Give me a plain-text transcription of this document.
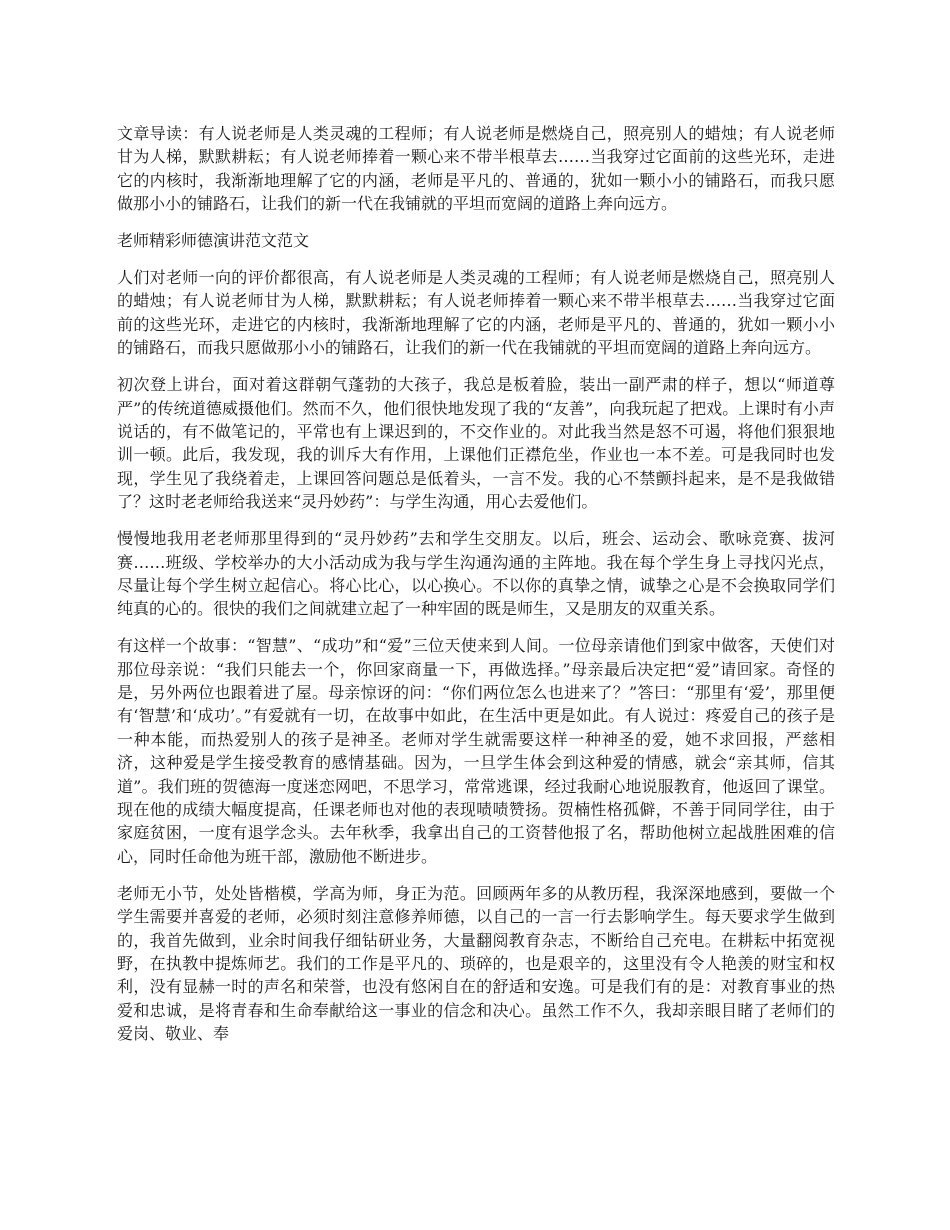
文章导读：有人说老师是人类灵魂的工程师；有人说老师是燃烧自己，照亮别人的蜡烛；有人说老师甘为人梯，默默耕耘；有人说老师捧着一颗心来不带半根草去……当我穿过它面前的这些光环，走进它的内核时，我渐渐地理解了它的内涵，老师是平凡的、普通的，犹如一颗小小的铺路石，而我只愿做那小小的铺路石，让我们的新一代在我铺就的平坦而宽阔的道路上奔向远方。

老师精彩师德演讲范文范文

人们对老师一向的评价都很高，有人说老师是人类灵魂的工程师；有人说老师是燃烧自己，照亮别人的蜡烛；有人说老师甘为人梯，默默耕耘；有人说老师捧着一颗心来不带半根草去……当我穿过它面前的这些光环，走进它的内核时，我渐渐地理解了它的内涵，老师是平凡的、普通的，犹如一颗小小的铺路石，而我只愿做那小小的铺路石，让我们的新一代在我铺就的平坦而宽阔的道路上奔向远方。

初次登上讲台，面对着这群朝气蓬勃的大孩子，我总是板着脸，装出一副严肃的样子，想以“师道尊严”的传统道德威摄他们。然而不久，他们很快地发现了我的“友善”，向我玩起了把戏。上课时有小声说话的，有不做笔记的，平常也有上课迟到的，不交作业的。对此我当然是怒不可遏，将他们狠狠地训一顿。此后，我发现，我的训斥大有作用，上课他们正襟危坐，作业也一本不差。可是我同时也发现，学生见了我绕着走，上课回答问题总是低着头，一言不发。我的心不禁颤抖起来，是不是我做错了？这时老老师给我送来“灵丹妙药”：与学生沟通，用心去爱他们。

慢慢地我用老老师那里得到的“灵丹妙药”去和学生交朋友。以后，班会、运动会、歌咏竞赛、拔河赛……班级、学校举办的大小活动成为我与学生沟通沟通的主阵地。我在每个学生身上寻找闪光点，尽量让每个学生树立起信心。将心比心，以心换心。不以你的真挚之情，诚挚之心是不会换取同学们纯真的心的。很快的我们之间就建立起了一种牢固的既是师生，又是朋友的双重关系。

有这样一个故事：“智慧”、“成功”和“爱”三位天使来到人间。一位母亲请他们到家中做客，天使们对那位母亲说：“我们只能去一个，你回家商量一下，再做选择。”母亲最后决定把“爱”请回家。奇怪的是，另外两位也跟着进了屋。母亲惊讶的问：“你们两位怎么也进来了？”答曰：“那里有‘爱’，那里便有‘智慧’和‘成功’。”有爱就有一切，在故事中如此，在生活中更是如此。有人说过：疼爱自己的孩子是一种本能，而热爱别人的孩子是神圣。老师对学生就需要这样一种神圣的爱，她不求回报，严慈相济，这种爱是学生接受教育的感情基础。因为，一旦学生体会到这种爱的情感，就会“亲其师，信其道”。我们班的贺德海一度迷恋网吧，不思学习，常常逃课，经过我耐心地说服教育，他返回了课堂。现在他的成绩大幅度提高，任课老师也对他的表现啧啧赞扬。贺楠性格孤僻，不善于同同学往，由于家庭贫困，一度有退学念头。去年秋季，我拿出自己的工资替他报了名，帮助他树立起战胜困难的信心，同时任命他为班干部，激励他不断进步。

老师无小节，处处皆楷模，学高为师，身正为范。回顾两年多的从教历程，我深深地感到，要做一个学生需要并喜爱的老师，必须时刻注意修养师德，以自己的一言一行去影响学生。每天要求学生做到的，我首先做到，业余时间我仔细钻研业务，大量翻阅教育杂志，不断给自己充电。在耕耘中拓宽视野，在执教中提炼师艺。我们的工作是平凡的、琐碎的，也是艰辛的，这里没有令人艳羡的财宝和权利，没有显赫一时的声名和荣誉，也没有悠闲自在的舒适和安逸。可是我们有的是：对教育事业的热爱和忠诚，是将青春和生命奉献给这一事业的信念和决心。虽然工作不久，我却亲眼目睹了老师们的爱岗、敬业、奉
